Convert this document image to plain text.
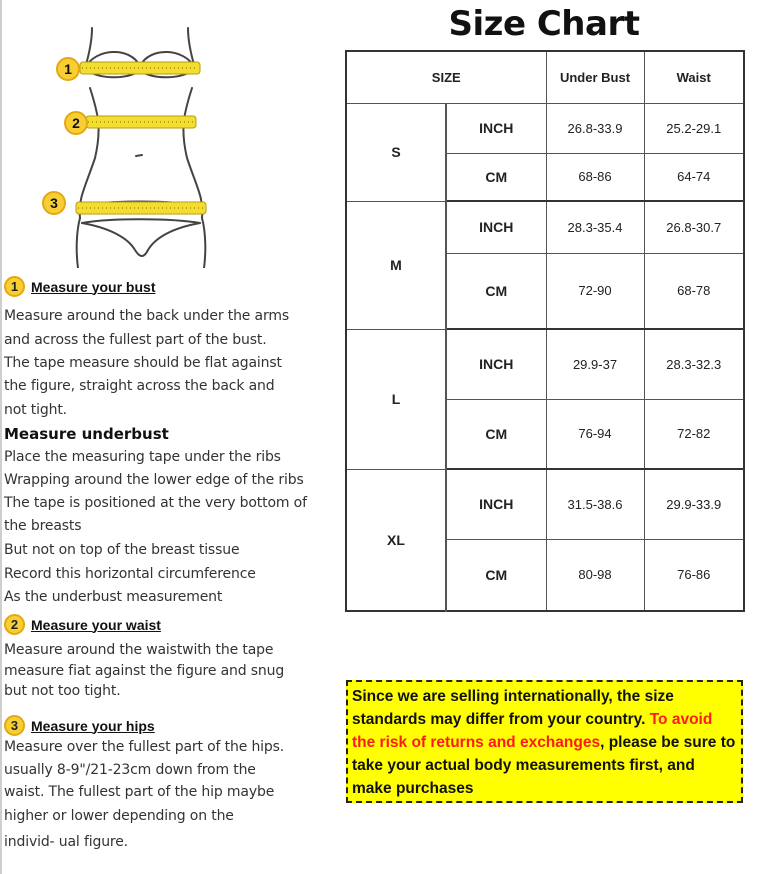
1
2
3
1 Measure your bust
Measure around the back under the arms
and across the fullest part of the bust.
The tape measure should be flat against
the figure, straight across the back and
not tight.
Measure underbust
Place the measuring tape under the ribs
Wrapping around the lower edge of the ribs
The tape is positioned at the very bottom of
the breasts
But not on top of the breast tissue
Record this horizontal circumference
As the underbust measurement
2 Measure your waist
Measure around the waistwith the tape
measure fiat against the figure and snug
but not too tight.
3 Measure your hips
Measure over the fullest part of the hips.
usually 8-9"/21-23cm down from the
waist. The fullest part of the hip maybe
higher or lower depending on the
individ- ual figure.
Size Chart
SIZE		Under Bust	Waist
S	INCH	26.8-33.9	25.2-29.1
	CM	68-86	64-74
M	INCH	28.3-35.4	26.8-30.7
	CM	72-90	68-78
L	INCH	29.9-37	28.3-32.3
	CM	76-94	72-82
XL	INCH	31.5-38.6	29.9-33.9
	CM	80-98	76-86
Since we are selling internationally, the size standards may differ from your country. To avoid the risk of returns and exchanges, please be sure to take your actual body measurements first, and make purchases
